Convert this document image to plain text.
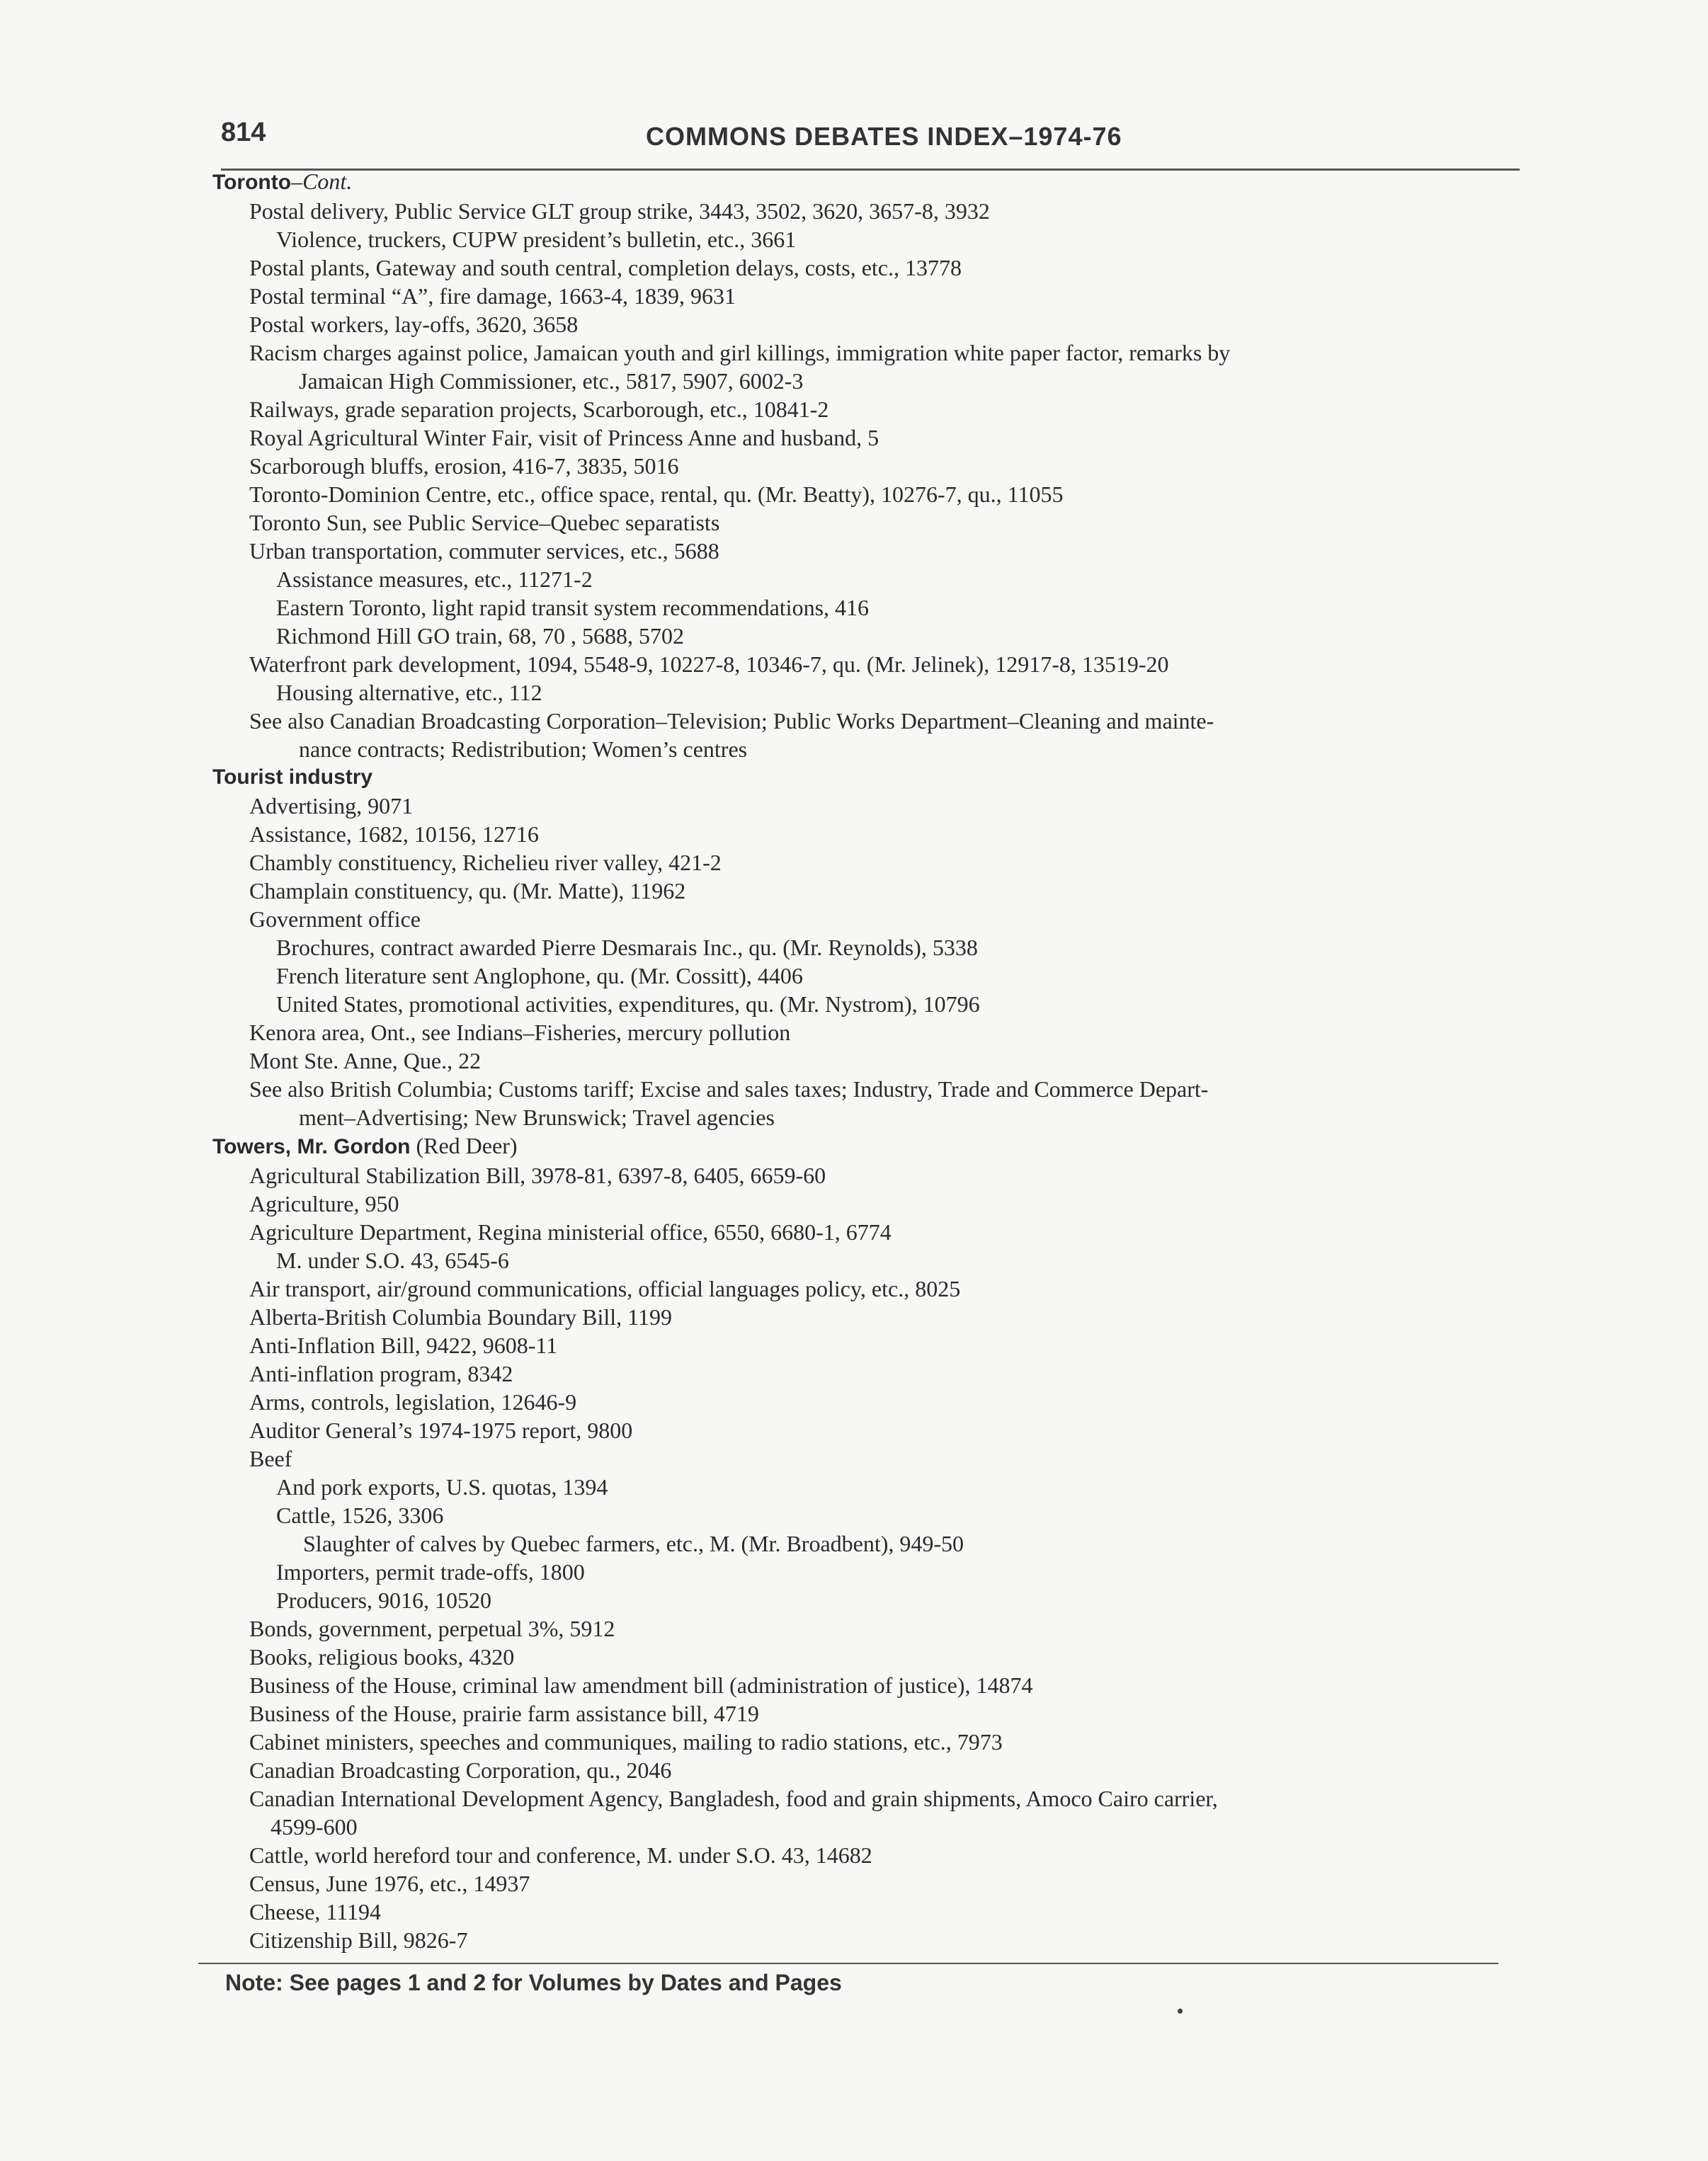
814	COMMONS DEBATES INDEX–1974-76
Toronto–Cont.
Postal delivery, Public Service GLT group strike, 3443, 3502, 3620, 3657-8, 3932
Violence, truckers, CUPW president’s bulletin, etc., 3661
Postal plants, Gateway and south central, completion delays, costs, etc., 13778
Postal terminal “A”, fire damage, 1663-4, 1839, 9631
Postal workers, lay-offs, 3620, 3658
Racism charges against police, Jamaican youth and girl killings, immigration white paper factor, remarks by
Jamaican High Commissioner, etc., 5817, 5907, 6002-3
Railways, grade separation projects, Scarborough, etc., 10841-2
Royal Agricultural Winter Fair, visit of Princess Anne and husband, 5
Scarborough bluffs, erosion, 416-7, 3835, 5016
Toronto-Dominion Centre, etc., office space, rental, qu. (Mr. Beatty), 10276-7, qu., 11055
Toronto Sun, see Public Service–Quebec separatists
Urban transportation, commuter services, etc., 5688
Assistance measures, etc., 11271-2
Eastern Toronto, light rapid transit system recommendations, 416
Richmond Hill GO train, 68, 70 , 5688, 5702
Waterfront park development, 1094, 5548-9, 10227-8, 10346-7, qu. (Mr. Jelinek), 12917-8, 13519-20
Housing alternative, etc., 112
See also Canadian Broadcasting Corporation–Television; Public Works Department–Cleaning and mainte-
nance contracts; Redistribution; Women’s centres
Tourist industry
Advertising, 9071
Assistance, 1682, 10156, 12716
Chambly constituency, Richelieu river valley, 421-2
Champlain constituency, qu. (Mr. Matte), 11962
Government office
Brochures, contract awarded Pierre Desmarais Inc., qu. (Mr. Reynolds), 5338
French literature sent Anglophone, qu. (Mr. Cossitt), 4406
United States, promotional activities, expenditures, qu. (Mr. Nystrom), 10796
Kenora area, Ont., see Indians–Fisheries, mercury pollution
Mont Ste. Anne, Que., 22
See also British Columbia; Customs tariff; Excise and sales taxes; Industry, Trade and Commerce Depart-
ment–Advertising; New Brunswick; Travel agencies
Towers, Mr. Gordon (Red Deer)
Agricultural Stabilization Bill, 3978-81, 6397-8, 6405, 6659-60
Agriculture, 950
Agriculture Department, Regina ministerial office, 6550, 6680-1, 6774
M. under S.O. 43, 6545-6
Air transport, air/ground communications, official languages policy, etc., 8025
Alberta-British Columbia Boundary Bill, 1199
Anti-Inflation Bill, 9422, 9608-11
Anti-inflation program, 8342
Arms, controls, legislation, 12646-9
Auditor General’s 1974-1975 report, 9800
Beef
And pork exports, U.S. quotas, 1394
Cattle, 1526, 3306
Slaughter of calves by Quebec farmers, etc., M. (Mr. Broadbent), 949-50
Importers, permit trade-offs, 1800
Producers, 9016, 10520
Bonds, government, perpetual 3%, 5912
Books, religious books, 4320
Business of the House, criminal law amendment bill (administration of justice), 14874
Business of the House, prairie farm assistance bill, 4719
Cabinet ministers, speeches and communiques, mailing to radio stations, etc., 7973
Canadian Broadcasting Corporation, qu., 2046
Canadian International Development Agency, Bangladesh, food and grain shipments, Amoco Cairo carrier,
4599-600
Cattle, world hereford tour and conference, M. under S.O. 43, 14682
Census, June 1976, etc., 14937
Cheese, 11194
Citizenship Bill, 9826-7
Note: See pages 1 and 2 for Volumes by Dates and Pages
•
